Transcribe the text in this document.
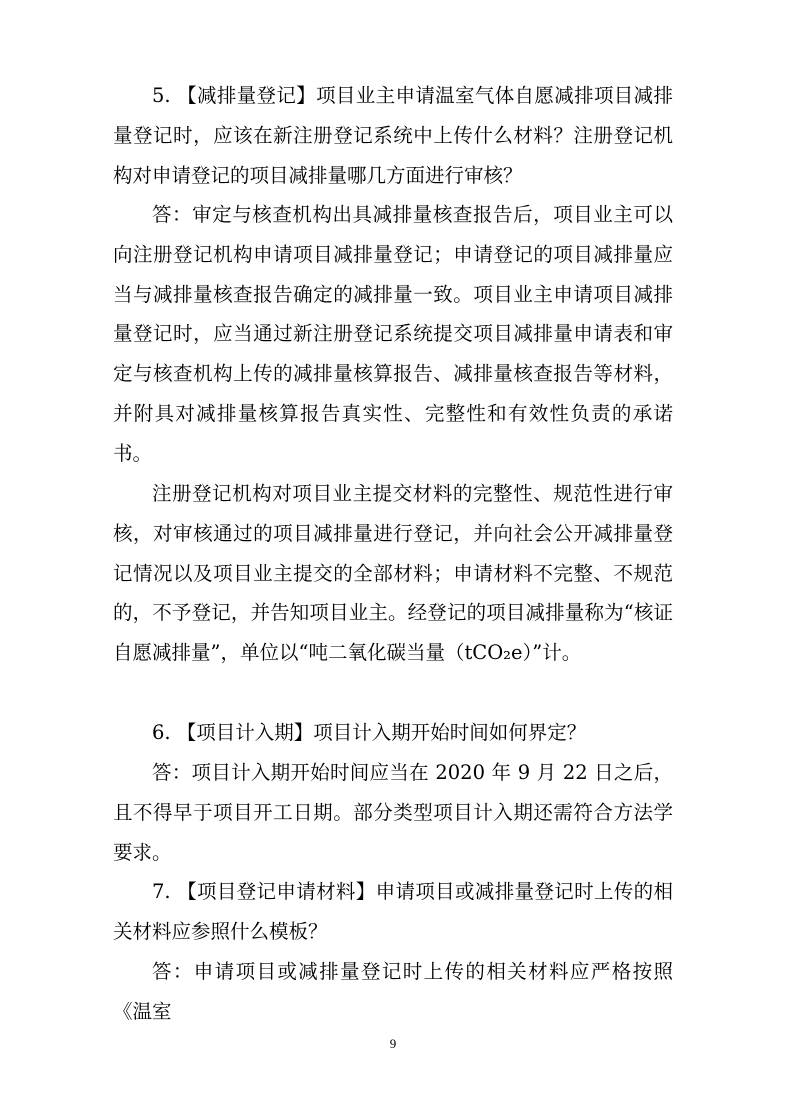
5. 【减排量登记】项目业主申请温室气体自愿减排项目减排量登记时，应该在新注册登记系统中上传什么材料？注册登记机构对申请登记的项目减排量哪几方面进行审核？

答：审定与核查机构出具减排量核查报告后，项目业主可以向注册登记机构申请项目减排量登记；申请登记的项目减排量应当与减排量核查报告确定的减排量一致。项目业主申请项目减排量登记时，应当通过新注册登记系统提交项目减排量申请表和审定与核查机构上传的减排量核算报告、减排量核查报告等材料，并附具对减排量核算报告真实性、完整性和有效性负责的承诺书。

注册登记机构对项目业主提交材料的完整性、规范性进行审核，对审核通过的项目减排量进行登记，并向社会公开减排量登记情况以及项目业主提交的全部材料；申请材料不完整、不规范的，不予登记，并告知项目业主。经登记的项目减排量称为“核证自愿减排量”，单位以“吨二氧化碳当量（tCO₂e）”计。

6. 【项目计入期】项目计入期开始时间如何界定？

答：项目计入期开始时间应当在 2020 年 9 月 22 日之后，且不得早于项目开工日期。部分类型项目计入期还需符合方法学要求。

7. 【项目登记申请材料】申请项目或减排量登记时上传的相关材料应参照什么模板？

答：申请项目或减排量登记时上传的相关材料应严格按照《温室

9
